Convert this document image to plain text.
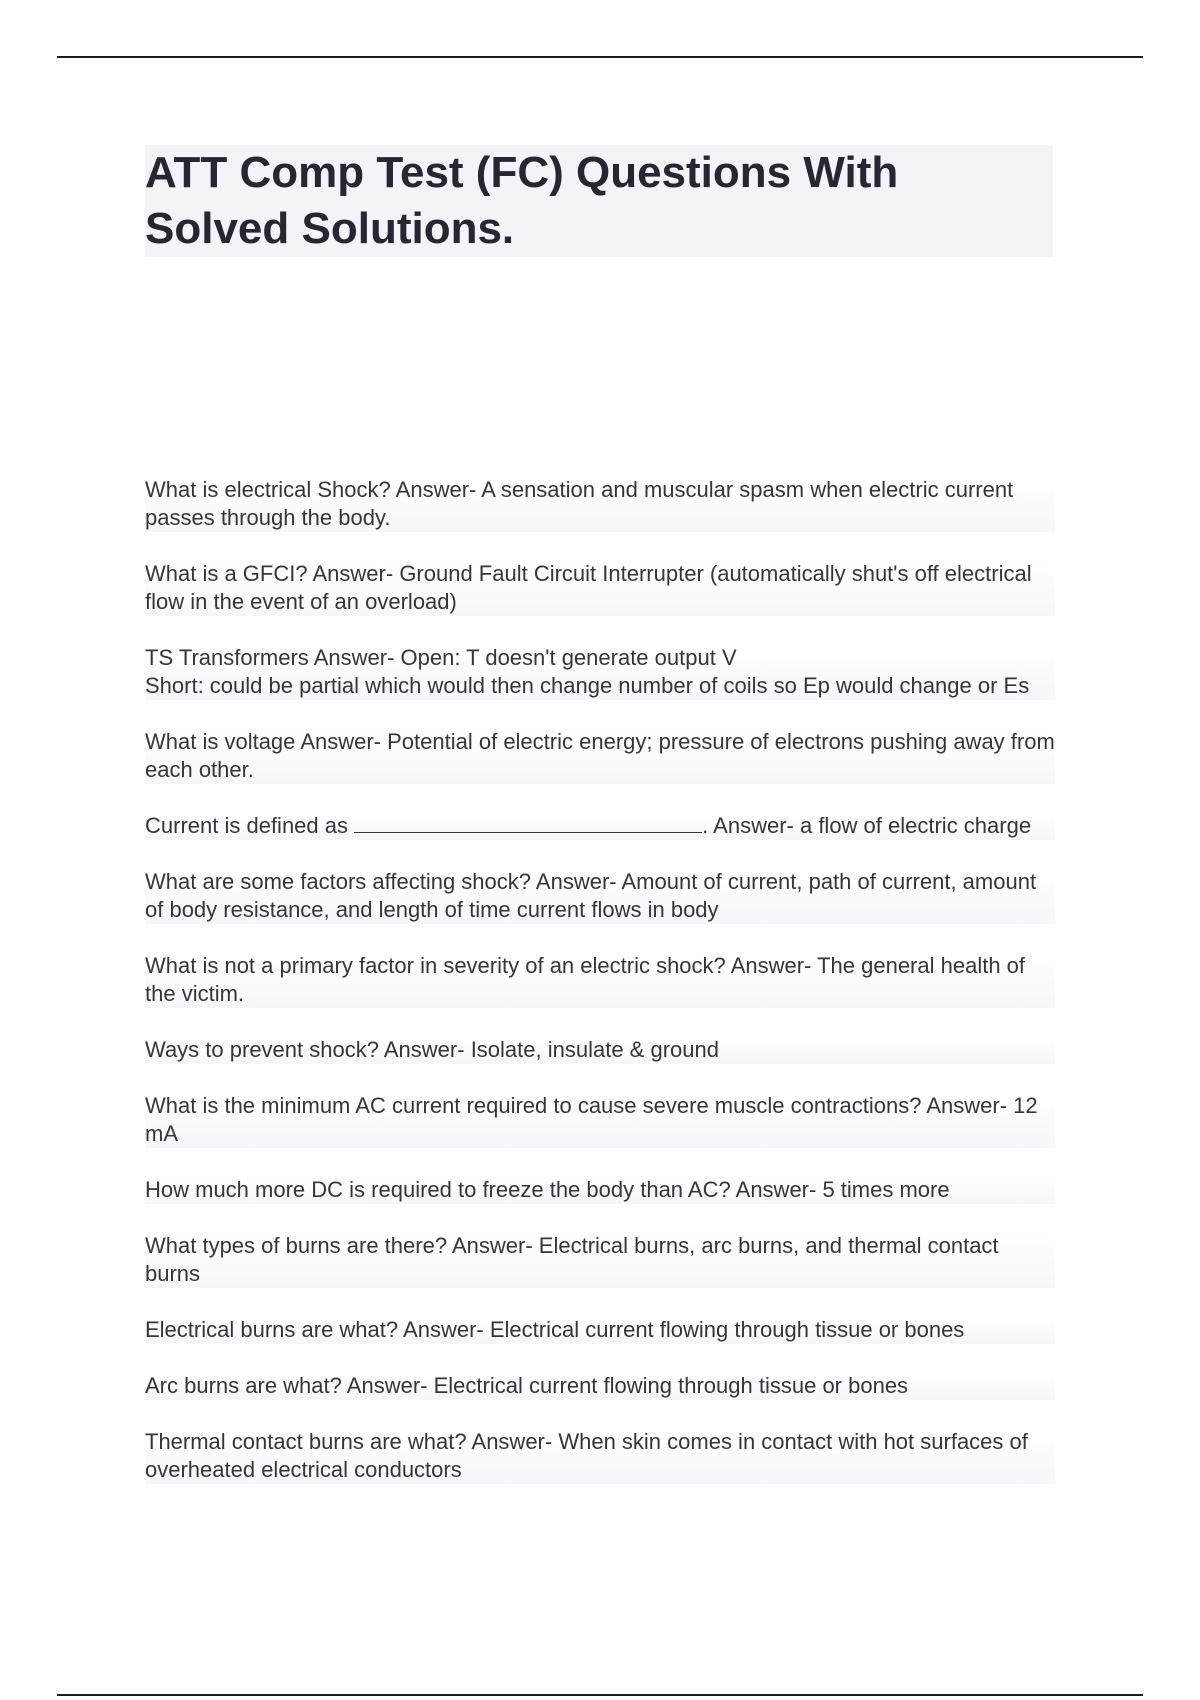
ATT Comp Test (FC) Questions With Solved Solutions.

What is electrical Shock? Answer- A sensation and muscular spasm when electric current passes through the body.

What is a GFCI? Answer- Ground Fault Circuit Interrupter (automatically shut's off electrical flow in the event of an overload)

TS Transformers Answer- Open: T doesn't generate output V
Short: could be partial which would then change number of coils so Ep would change or Es

What is voltage Answer- Potential of electric energy; pressure of electrons pushing away from each other.

Current is defined as	. Answer- a flow of electric charge

What are some factors affecting shock? Answer- Amount of current, path of current, amount of body resistance, and length of time current flows in body

What is not a primary factor in severity of an electric shock? Answer- The general health of the victim.

Ways to prevent shock? Answer- Isolate, insulate & ground

What is the minimum AC current required to cause severe muscle contractions? Answer- 12 mA

How much more DC is required to freeze the body than AC? Answer- 5 times more

What types of burns are there? Answer- Electrical burns, arc burns, and thermal contact burns

Electrical burns are what? Answer- Electrical current flowing through tissue or bones

Arc burns are what? Answer- Electrical current flowing through tissue or bones

Thermal contact burns are what? Answer- When skin comes in contact with hot surfaces of overheated electrical conductors
